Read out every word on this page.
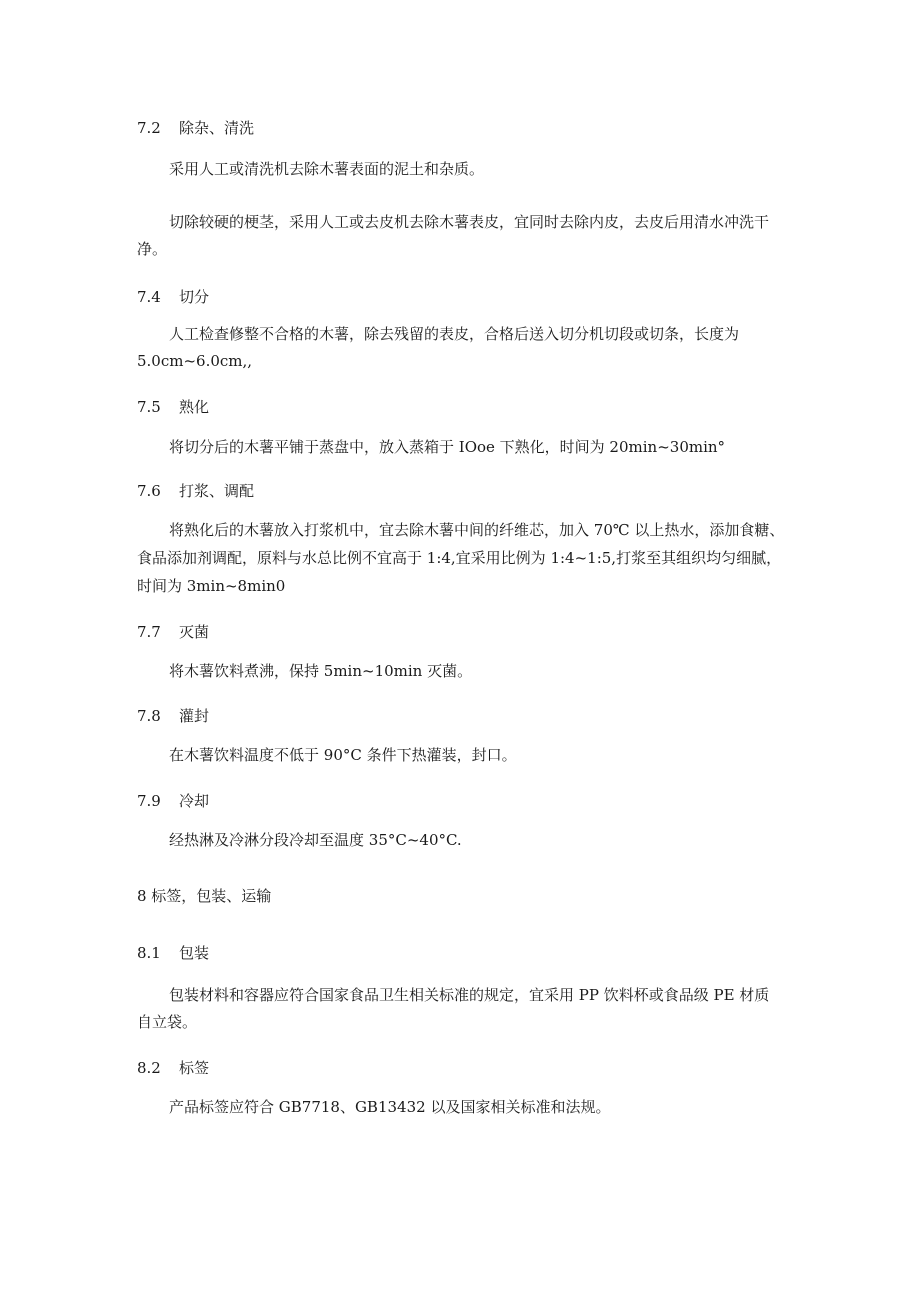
7.2 除杂、清洗
采用人工或清洗机去除木薯表面的泥土和杂质。
切除较硬的梗茎，采用人工或去皮机去除木薯表皮，宜同时去除内皮，去皮后用清水冲洗干
净。
7.4 切分
人工检查修整不合格的木薯，除去残留的表皮，合格后送入切分机切段或切条，长度为
5.0cm~6.0cm,,
7.5 熟化
将切分后的木薯平铺于蒸盘中，放入蒸箱于 IOoe 下熟化，时间为 20min~30min°
7.6 打浆、调配
将熟化后的木薯放入打浆机中，宜去除木薯中间的纤维芯，加入 70℃ 以上热水，添加食糖、
食品添加剂调配，原料与水总比例不宜高于 1:4,宜采用比例为 1:4~1:5,打浆至其组织均匀细腻，
时间为 3min~8min0
7.7 灭菌
将木薯饮料煮沸，保持 5min~10min 灭菌。
7.8 灌封
在木薯饮料温度不低于 90°C 条件下热灌装，封口。
7.9 冷却
经热淋及冷淋分段冷却至温度 35°C~40°C.
8 标签，包装、运输
8.1 包装
包装材料和容器应符合国家食品卫生相关标准的规定，宜采用 PP 饮料杯或食品级 PE 材质
自立袋。
8.2 标签
产品标签应符合 GB7718、GB13432 以及国家相关标准和法规。
